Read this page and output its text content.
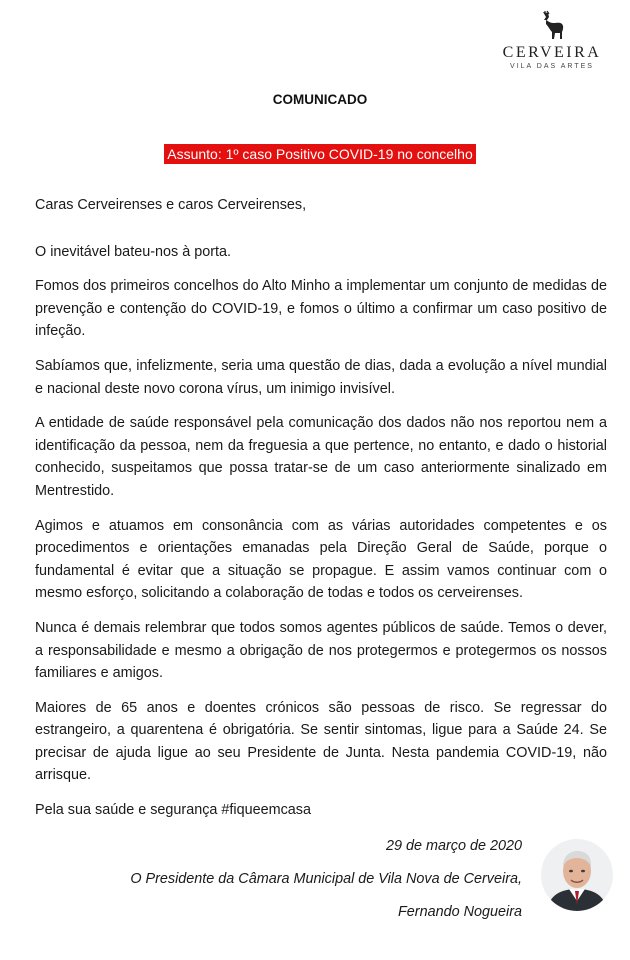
CERVEIRA
VILA DAS ARTES
COMUNICADO
Assunto: 1º caso Positivo COVID-19 no concelho

Caras Cerveirenses e caros Cerveirenses,

O inevitável bateu-nos à porta.

Fomos dos primeiros concelhos do Alto Minho a implementar um conjunto de medidas de prevenção e contenção do COVID-19, e fomos o último a confirmar um caso positivo de infeção.

Sabíamos que, infelizmente, seria uma questão de dias, dada a evolução a nível mundial e nacional deste novo corona vírus, um inimigo invisível.

A entidade de saúde responsável pela comunicação dos dados não nos reportou nem a identificação da pessoa, nem da freguesia a que pertence, no entanto, e dado o historial conhecido, suspeitamos que possa tratar-se de um caso anteriormente sinalizado em Mentrestido.

Agimos e atuamos em consonância com as várias autoridades competentes e os procedimentos e orientações emanadas pela Direção Geral de Saúde, porque o fundamental é evitar que a situação se propague. E assim vamos continuar com o mesmo esforço, solicitando a colaboração de todas e todos os cerveirenses.

Nunca é demais relembrar que todos somos agentes públicos de saúde. Temos o dever, a responsabilidade e mesmo a obrigação de nos protegermos e protegermos os nossos familiares e amigos.

Maiores de 65 anos e doentes crónicos são pessoas de risco. Se regressar do estrangeiro, a quarentena é obrigatória. Se sentir sintomas, ligue para a Saúde 24. Se precisar de ajuda ligue ao seu Presidente de Junta. Nesta pandemia COVID-19, não arrisque.

Pela sua saúde e segurança #fiqueemcasa

29 de março de 2020
O Presidente da Câmara Municipal de Vila Nova de Cerveira,
Fernando Nogueira
